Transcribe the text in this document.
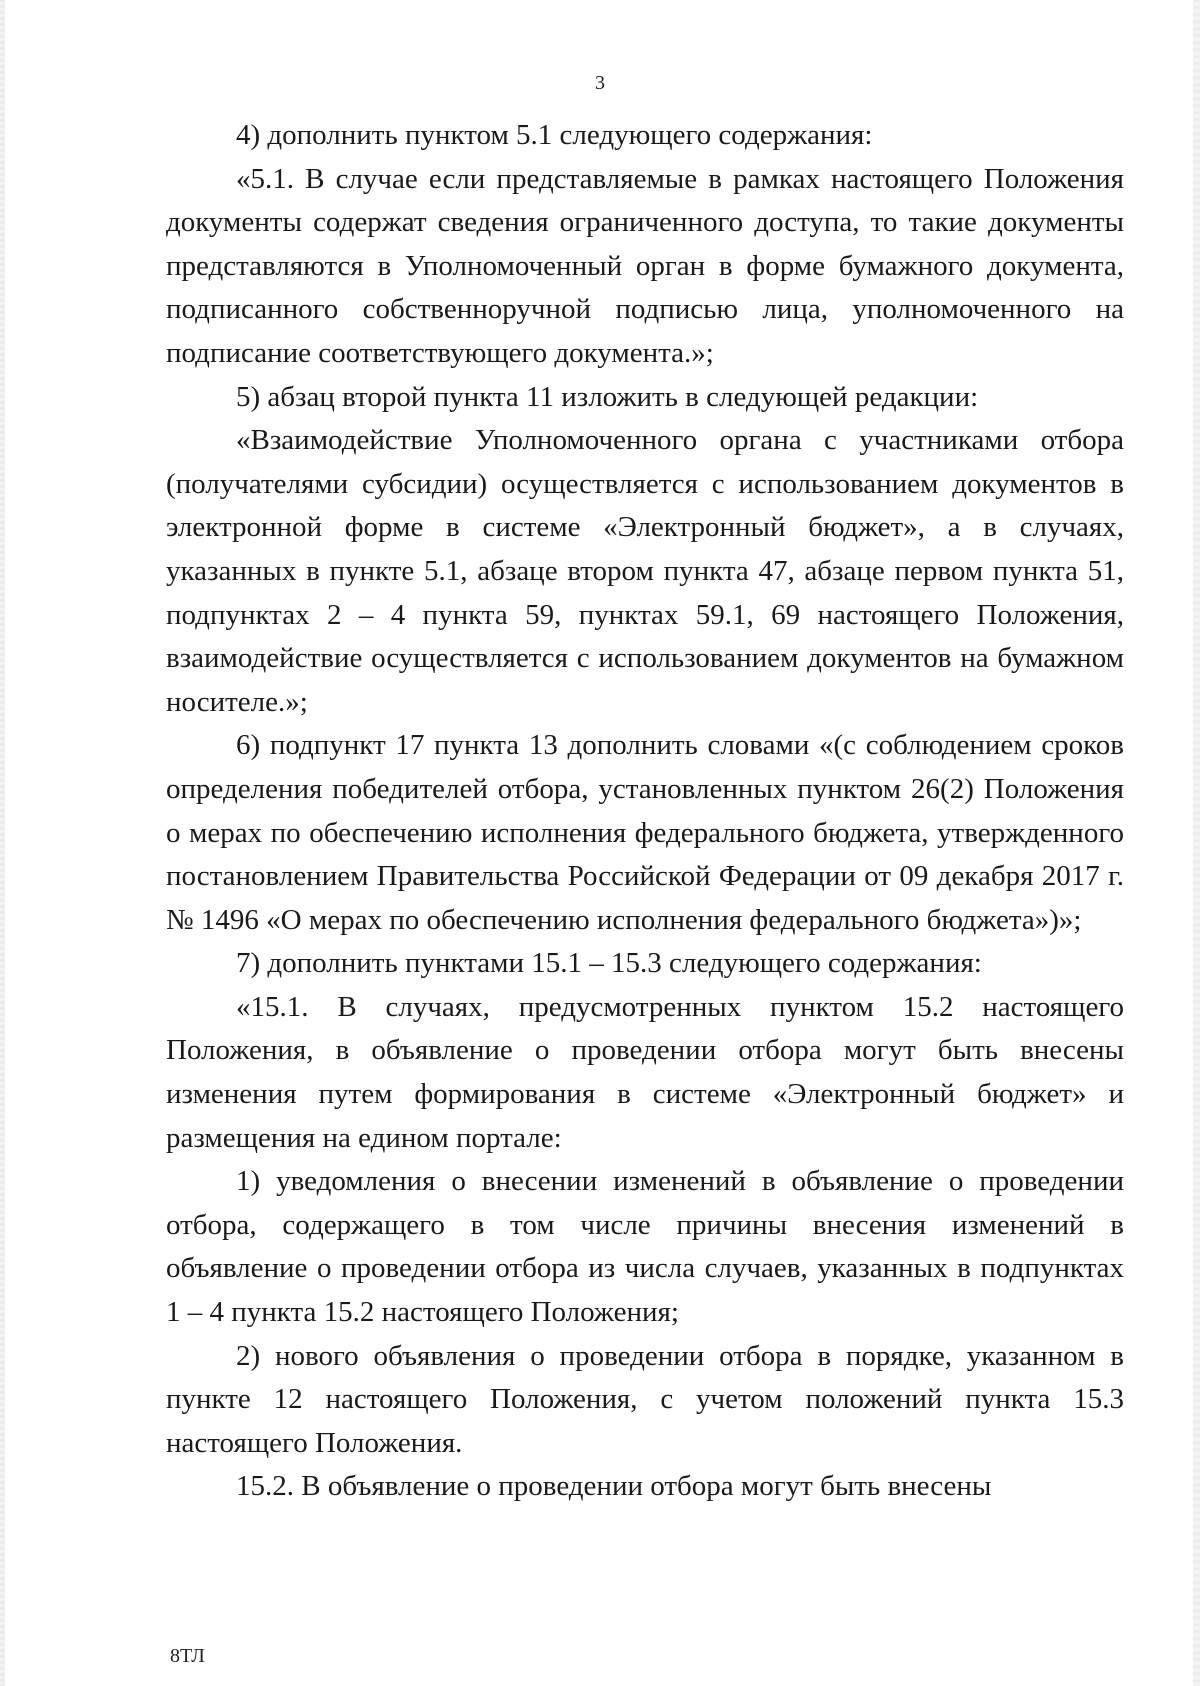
3

4) дополнить пунктом 5.1 следующего содержания:

«5.1. В случае если представляемые в рамках настоящего Положения документы содержат сведения ограниченного доступа, то такие документы представляются в Уполномоченный орган в форме бумажного документа, подписанного собственноручной подписью лица, уполномоченного на подписание соответствующего документа.»;

5) абзац второй пункта 11 изложить в следующей редакции:

«Взаимодействие Уполномоченного органа с участниками отбора (получателями субсидии) осуществляется с использованием документов в электронной форме в системе «Электронный бюджет», а в случаях, указанных в пункте 5.1, абзаце втором пункта 47, абзаце первом пункта 51, подпунктах 2 – 4 пункта 59, пунктах 59.1, 69 настоящего Положения, взаимодействие осуществляется с использованием документов на бумажном носителе.»;

6) подпункт 17 пункта 13 дополнить словами «(с соблюдением сроков определения победителей отбора, установленных пунктом 26(2) Положения о мерах по обеспечению исполнения федерального бюджета, утвержденного постановлением Правительства Российской Федерации от 09 декабря 2017 г. № 1496 «О мерах по обеспечению исполнения федерального бюджета»)»;

7) дополнить пунктами 15.1 – 15.3 следующего содержания:

«15.1. В случаях, предусмотренных пунктом 15.2 настоящего Положения, в объявление о проведении отбора могут быть внесены изменения путем формирования в системе «Электронный бюджет» и размещения на едином портале:

1) уведомления о внесении изменений в объявление о проведении отбора, содержащего в том числе причины внесения изменений в объявление о проведении отбора из числа случаев, указанных в подпунктах 1 – 4 пункта 15.2 настоящего Положения;

2) нового объявления о проведении отбора в порядке, указанном в пункте 12 настоящего Положения, с учетом положений пункта 15.3 настоящего Положения.

15.2. В объявление о проведении отбора могут быть внесены

8ТЛ
